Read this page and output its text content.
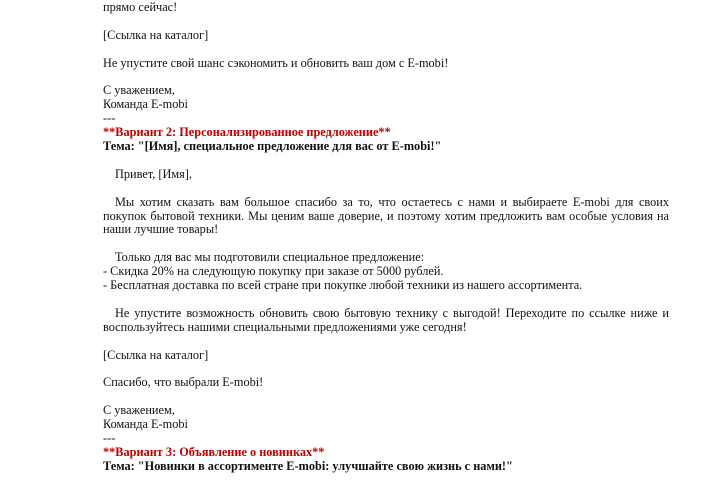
прямо сейчас!
[Ссылка на каталог]
Не упустите свой шанс сэкономить и обновить ваш дом с E-mobi!
С уважением,
Команда E-mobi
---
**Вариант 2: Персонализированное предложение**
Тема: "[Имя], специальное предложение для вас от E-mobi!"
Привет, [Имя],
Мы хотим сказать вам большое спасибо за то, что остаетесь с нами и выбираете E-mobi для своих покупок бытовой техники. Мы ценим ваше доверие, и поэтому хотим предложить вам особые условия на наши лучшие товары!
Только для вас мы подготовили специальное предложение:
- Скидка 20% на следующую покупку при заказе от 5000 рублей.
- Бесплатная доставка по всей стране при покупке любой техники из нашего ассортимента.
Не упустите возможность обновить свою бытовую технику с выгодой! Переходите по ссылке ниже и воспользуйтесь нашими специальными предложениями уже сегодня!
[Ссылка на каталог]
Спасибо, что выбрали E-mobi!
С уважением,
Команда E-mobi
---
**Вариант 3: Объявление о новинках**
Тема: "Новинки в ассортименте E-mobi: улучшайте свою жизнь с нами!"
